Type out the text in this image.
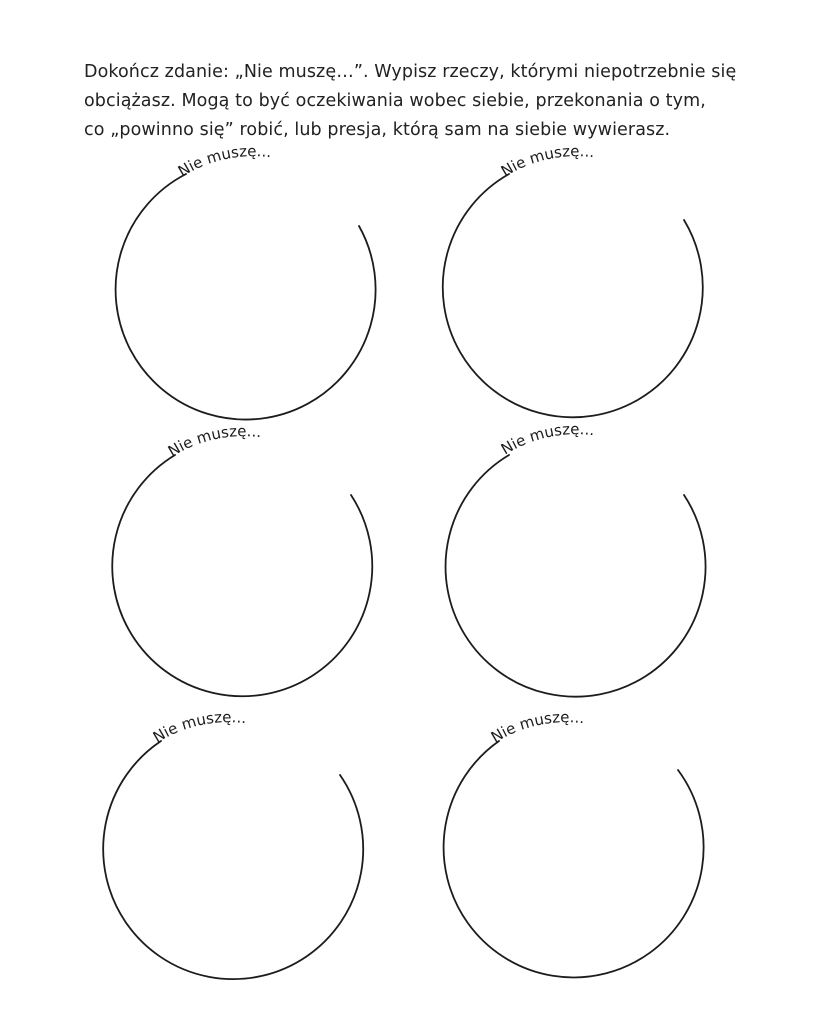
Dokończ zdanie: „Nie muszę…”. Wypisz rzeczy, którymi niepotrzebnie się
obciążasz. Mogą to być oczekiwania wobec siebie, przekonania o tym,
co „powinno się” robić, lub presja, którą sam na siebie wywierasz.

Nie muszę...
Nie muszę...
Nie muszę...
Nie muszę...
Nie muszę...
Nie muszę...
